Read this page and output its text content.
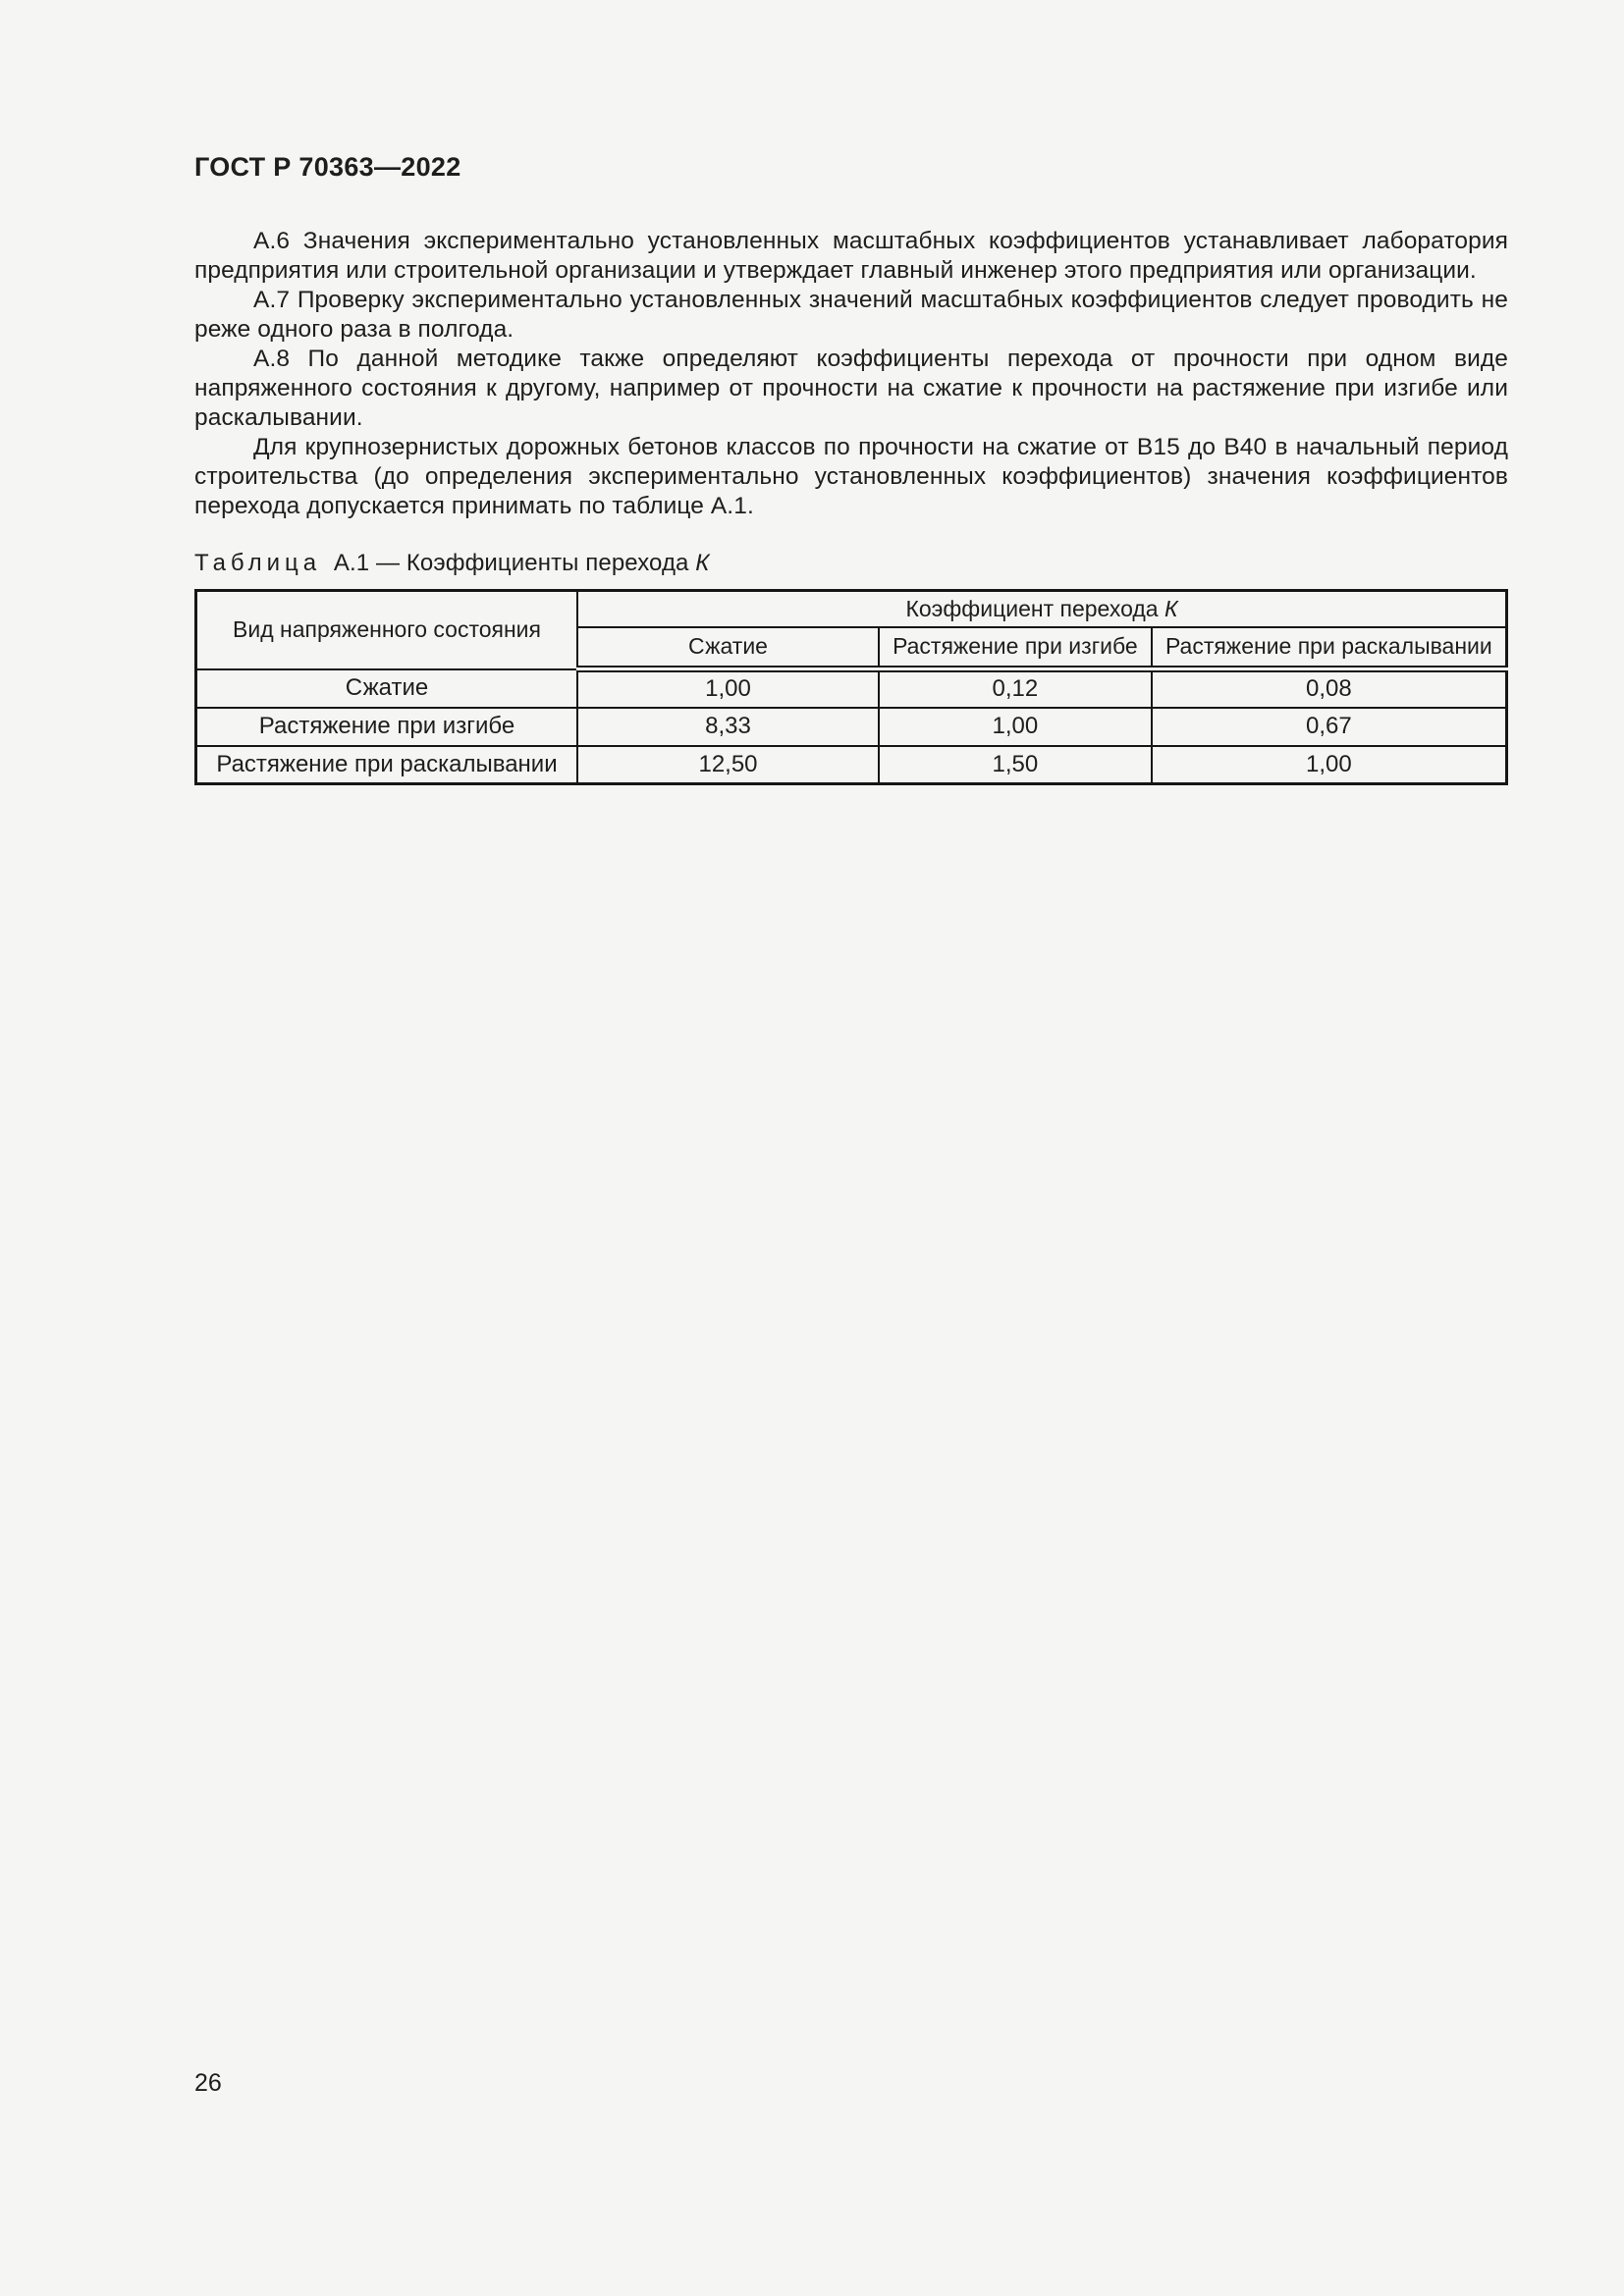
ГОСТ Р 70363—2022

А.6 Значения экспериментально установленных масштабных коэффициентов устанавливает лаборатория предприятия или строительной организации и утверждает главный инженер этого предприятия или организации.

А.7 Проверку экспериментально установленных значений масштабных коэффициентов следует проводить не реже одного раза в полгода.

А.8 По данной методике также определяют коэффициенты перехода от прочности при одном виде напряженного состояния к другому, например от прочности на сжатие к прочности на растяжение при изгибе или раскалывании.

Для крупнозернистых дорожных бетонов классов по прочности на сжатие от В15 до В40 в начальный период строительства (до определения экспериментально установленных коэффициентов) значения коэффициентов перехода допускается принимать по таблице А.1.

Таблица А.1 — Коэффициенты перехода К
Вид напряженного состояния	Коэффициент перехода К		
	Сжатие	Растяжение при изгибе	Растяжение при раскалывании
Сжатие	1,00	0,12	0,08
Растяжение при изгибе	8,33	1,00	0,67
Растяжение при раскалывании	12,50	1,50	1,00
26
